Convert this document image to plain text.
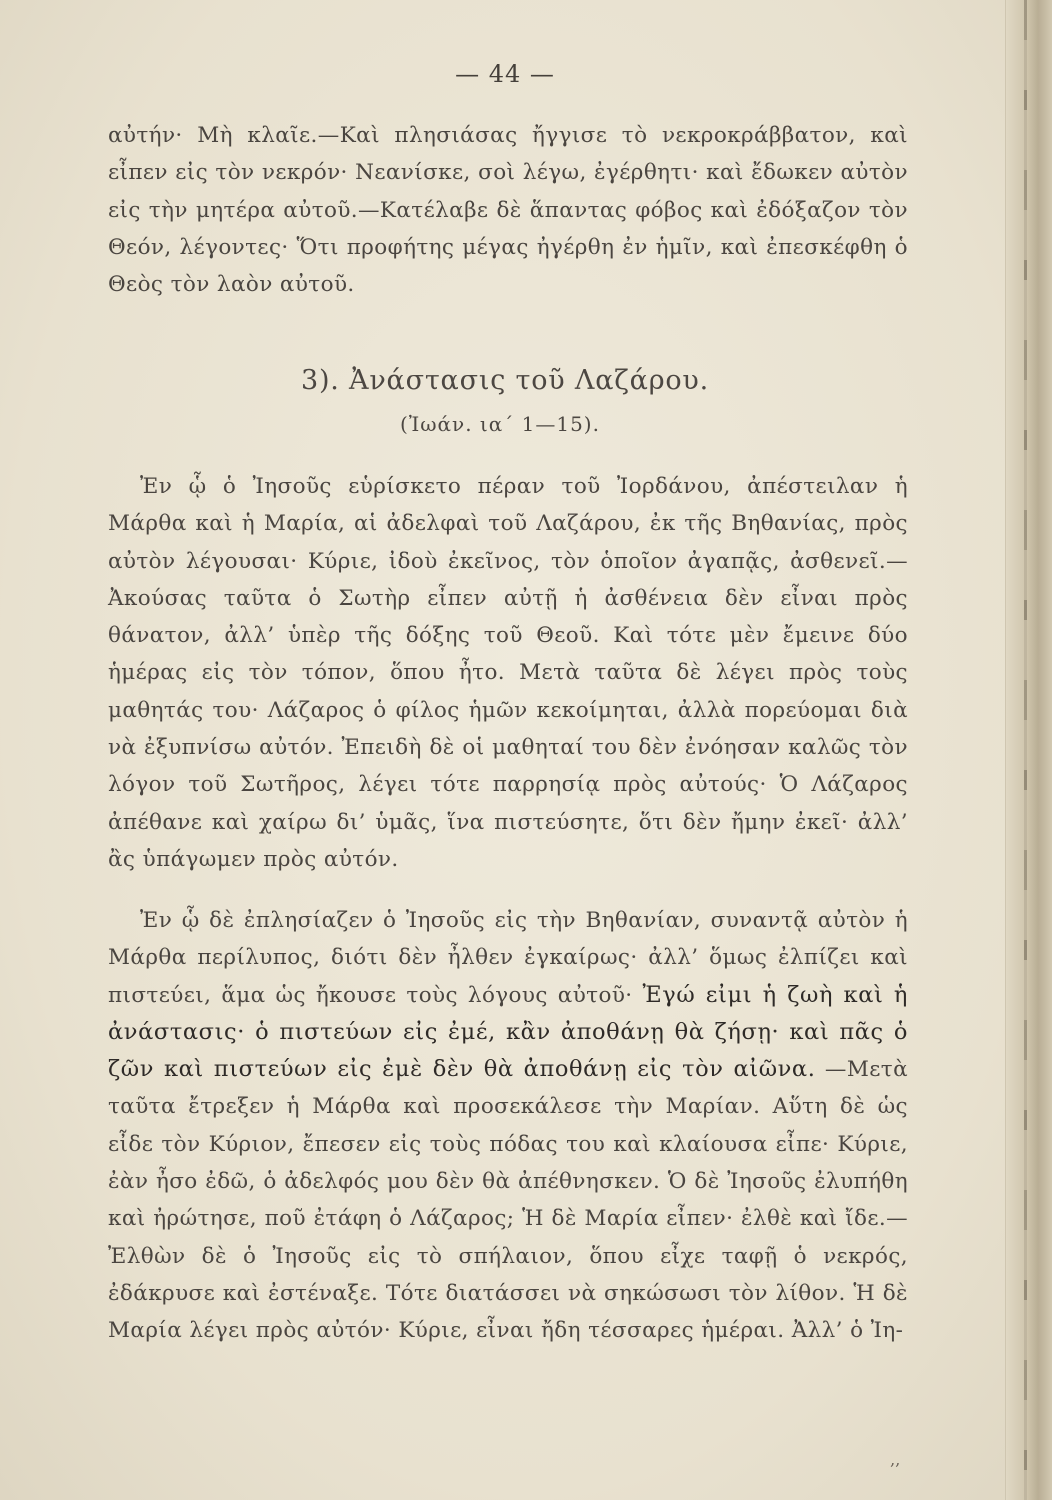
— 44 —

αὐτήν· Μὴ κλαῖε.—Καὶ πλησιάσας ἤγγισε τὸ νεκροκράββατον, καὶ εἶπεν εἰς τὸν νεκρόν· Νεανίσκε, σοὶ λέγω, ἐγέρθητι· καὶ ἔδωκεν αὐτὸν εἰς τὴν μητέρα αὐτοῦ.—Κατέλαβε δὲ ἅπαντας φόβος καὶ ἐδόξαζον τὸν Θεόν, λέγοντες· Ὅτι προφήτης μέγας ἠγέρθη ἐν ἡμῖν, καὶ ἐπεσκέφθη ὁ Θεὸς τὸν λαὸν αὐτοῦ.

3). Ἀνάστασις τοῦ Λαζάρου.
(Ἰωάν. ια΄ 1—15).

Ἐν ᾧ ὁ Ἰησοῦς εὑρίσκετο πέραν τοῦ Ἰορδάνου, ἀπέστειλαν ἡ Μάρθα καὶ ἡ Μαρία, αἱ ἀδελφαὶ τοῦ Λαζάρου, ἐκ τῆς Βηθανίας, πρὸς αὐτὸν λέγουσαι· Κύριε, ἰδοὺ ἐκεῖνος, τὸν ὁποῖον ἀγαπᾷς, ἀσθενεῖ.—Ἀκούσας ταῦτα ὁ Σωτὴρ εἶπεν αὐτῇ ἡ ἀσθένεια δὲν εἶναι πρὸς θάνατον, ἀλλ’ ὑπὲρ τῆς δόξης τοῦ Θεοῦ. Καὶ τότε μὲν ἔμεινε δύο ἡμέρας εἰς τὸν τόπον, ὅπου ἦτο. Μετὰ ταῦτα δὲ λέγει πρὸς τοὺς μαθητάς του· Λάζαρος ὁ φίλος ἡμῶν κεκοίμηται, ἀλλὰ πορεύομαι διὰ νὰ ἐξυπνίσω αὐτόν. Ἐπειδὴ δὲ οἱ μαθηταί του δὲν ἐνόησαν καλῶς τὸν λόγον τοῦ Σωτῆρος, λέγει τότε παρρησίᾳ πρὸς αὐτούς· Ὁ Λάζαρος ἀπέθανε καὶ χαίρω δι’ ὑμᾶς, ἵνα πιστεύσητε, ὅτι δὲν ἤμην ἐκεῖ· ἀλλ’ ἂς ὑπάγωμεν πρὸς αὐτόν.

Ἐν ᾧ δὲ ἐπλησίαζεν ὁ Ἰησοῦς εἰς τὴν Βηθανίαν, συναντᾷ αὐτὸν ἡ Μάρθα περίλυπος, διότι δὲν ἦλθεν ἐγκαίρως· ἀλλ’ ὅμως ἐλπίζει καὶ πιστεύει, ἅμα ὡς ἤκουσε τοὺς λόγους αὐτοῦ· Ἐγώ εἰμι ἡ ζωὴ καὶ ἡ ἀνάστασις· ὁ πιστεύων εἰς ἐμέ, κἂν ἀποθάνῃ θὰ ζήσῃ· καὶ πᾶς ὁ ζῶν καὶ πιστεύων εἰς ἐμὲ δὲν θὰ ἀποθάνῃ εἰς τὸν αἰῶνα. —Μετὰ ταῦτα ἔτρεξεν ἡ Μάρθα καὶ προσεκάλεσε τὴν Μαρίαν. Αὕτη δὲ ὡς εἶδε τὸν Κύριον, ἔπεσεν εἰς τοὺς πόδας του καὶ κλαίουσα εἶπε· Κύριε, ἐὰν ἦσο ἐδῶ, ὁ ἀδελφός μου δὲν θὰ ἀπέθνησκεν. Ὁ δὲ Ἰησοῦς ἐλυπήθη καὶ ἠρώτησε, ποῦ ἐτάφη ὁ Λάζαρος; Ἡ δὲ Μαρία εἶπεν· ἐλθὲ καὶ ἴδε.—Ἐλθὼν δὲ ὁ Ἰησοῦς εἰς τὸ σπήλαιον, ὅπου εἶχε ταφῇ ὁ νεκρός, ἐδάκρυσε καὶ ἐστέναξε. Τότε διατάσσει νὰ σηκώσωσι τὸν λίθον. Ἡ δὲ Μαρία λέγει πρὸς αὐτόν· Κύριε, εἶναι ἤδη τέσσαρες ἡμέραι. Ἀλλ’ ὁ Ἰη-

‚‚
